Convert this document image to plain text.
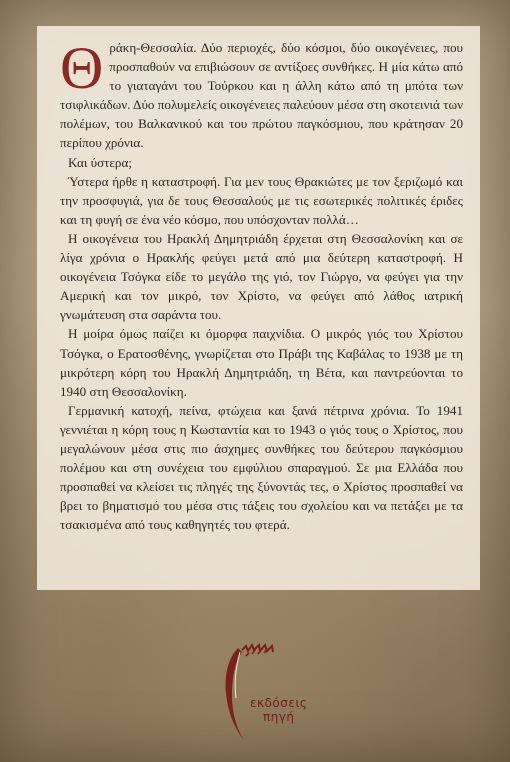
Θράκη-Θεσσαλία. Δύο περιοχές, δύο κόσμοι, δύο οικογένειες, που προσπαθούν να επιβιώσουν σε αντίξοες συνθήκες. Η μία κάτω από το γιαταγάνι του Τούρκου και η άλλη κάτω από τη μπότα των τσιφλικάδων. Δύο πολυμελείς οικογένειες παλεύουν μέσα στη σκοτεινιά των πολέμων, του Βαλκανικού και του πρώτου παγκόσμιου, που κράτησαν 20 περίπου χρόνια.

Και ύστερα;

Ύστερα ήρθε η καταστροφή. Για μεν τους Θρακιώτες με τον ξεριζωμό και την προσφυγιά, για δε τους Θεσσαλούς με τις εσωτερικές πολιτικές έριδες και τη φυγή σε ένα νέο κόσμο, που υπόσχονταν πολλά…

Η οικογένεια του Ηρακλή Δημητριάδη έρχεται στη Θεσσαλονίκη και σε λίγα χρόνια ο Ηρακλής φεύγει μετά από μια δεύτερη καταστροφή. Η οικογένεια Τσόγκα είδε το μεγάλο της γιό, τον Γιώργο, να φεύγει για την Αμερική και τον μικρό, τον Χρίστο, να φεύγει από λάθος ιατρική γνωμάτευση στα σαράντα του.

Η μοίρα όμως παίζει κι όμορφα παιχνίδια. Ο μικρός γιός του Χρίστου Τσόγκα, ο Ερατοσθένης, γνωρίζεται στο Πράβι της Καβάλας το 1938 με τη μικρότερη κόρη του Ηρακλή Δημητριάδη, τη Βέτα, και παντρεύονται το 1940 στη Θεσσαλονίκη.

Γερμανική κατοχή, πείνα, φτώχεια και ξανά πέτρινα χρόνια. Το 1941 γεννιέται η κόρη τους η Κωσταντία και το 1943 ο γιός τους ο Χρίστος, που μεγαλώνουν μέσα στις πιο άσχημες συνθήκες του δεύτερου παγκόσμιου πολέμου και στη συνέχεια του εμφύλιου σπαραγμού. Σε μια Ελλάδα που προσπαθεί να κλείσει τις πληγές της ξύνοντάς τες, ο Χρίστος προσπαθεί να βρει το βηματισμό του μέσα στις τάξεις του σχολείου και να πετάξει με τα τσακισμένα από τους καθηγητές του φτερά.

εκδόσεις
πηγή
